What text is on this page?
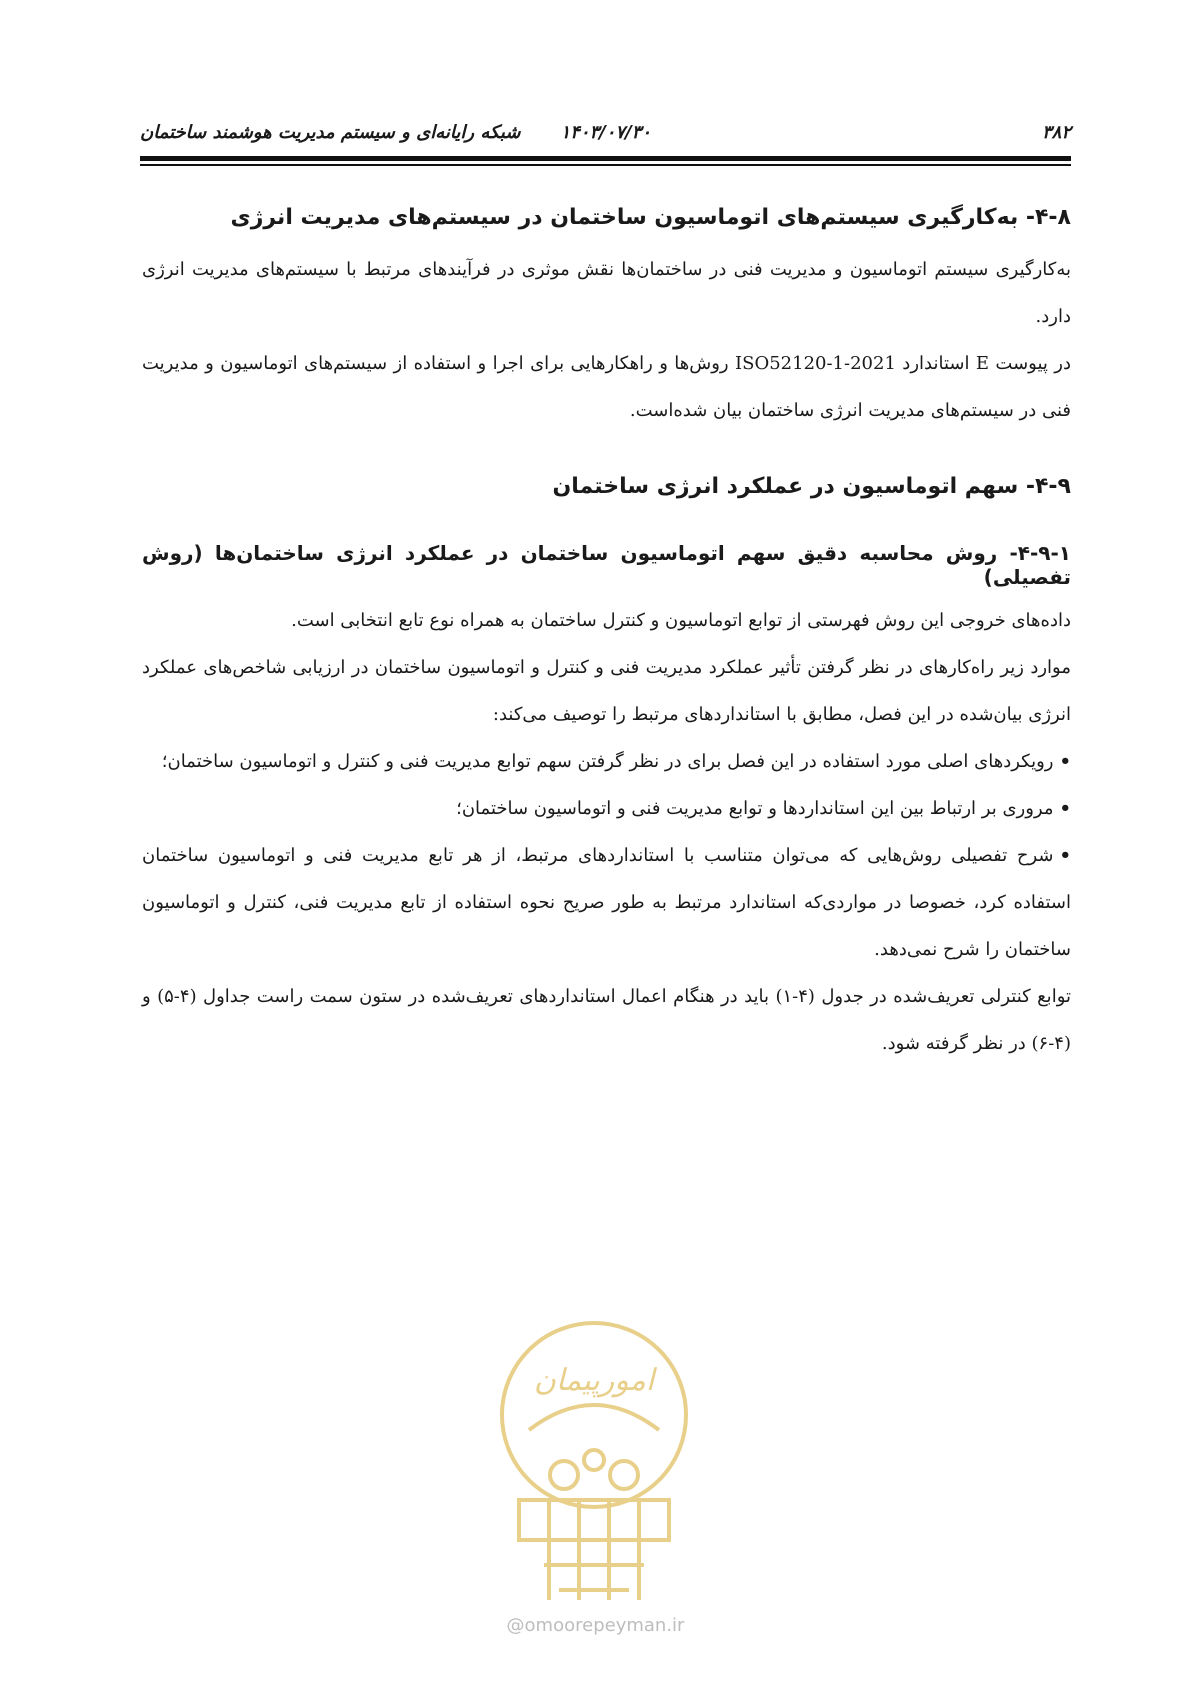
۳۸۲
۱۴۰۳/۰۷/۳۰
شبکه رایانه‌ای و سیستم مدیریت هوشمند ساختمان
۴-۸- به‌کارگیری سیستم‌های اتوماسیون ساختمان در سیستم‌های مدیریت انرژی

به‌کارگیری سیستم اتوماسیون و مدیریت فنی در ساختمان‌ها نقش موثری در فرآیندهای مرتبط با سیستم‌های مدیریت انرژی دارد.

در پیوست E استاندارد ISO52120-1-2021 روش‌ها و راهکارهایی برای اجرا و استفاده از سیستم‌های اتوماسیون و مدیریت فنی در سیستم‌های مدیریت انرژی ساختمان بیان شده‌است.

۴-۹- سهم اتوماسیون در عملکرد انرژی ساختمان
۴-۹-۱- روش محاسبه دقیق سهم اتوماسیون ساختمان در عملکرد انرژی ساختمان‌ها (روش تفصیلی)

داده‌های خروجی این روش فهرستی از توابع اتوماسیون و کنترل ساختمان به همراه نوع تابع انتخابی است.

موارد زیر راه‌کارهای در نظر گرفتن تأثیر عملکرد مدیریت فنی و کنترل و اتوماسیون ساختمان در ارزیابی شاخص‌های عملکرد انرژی بیان‌شده در این فصل، مطابق با استانداردهای مرتبط را توصیف می‌کند:

•رویکردهای اصلی مورد استفاده در این فصل برای در نظر گرفتن سهم توابع مدیریت فنی و کنترل و اتوماسیون ساختمان؛

•مروری بر ارتباط بین این استانداردها و توابع مدیریت فنی و اتوماسیون ساختمان؛

•شرح تفصیلی روش‌هایی که می‌توان متناسب با استانداردهای مرتبط، از هر تابع مدیریت فنی و اتوماسیون ساختمان استفاده کرد، خصوصا در مواردی‌که استاندارد مرتبط به طور صریح نحوه استفاده از تابع مدیریت فنی، کنترل و اتوماسیون ساختمان را شرح نمی‌دهد.

توابع کنترلی تعریف‌شده در جدول (۴-۱) باید در هنگام اعمال استانداردهای تعریف‌شده در ستون سمت راست جداول (۴-۵) و (۴-۶) در نظر گرفته شود.

امورپیمان
@omoorepeyman.ir
